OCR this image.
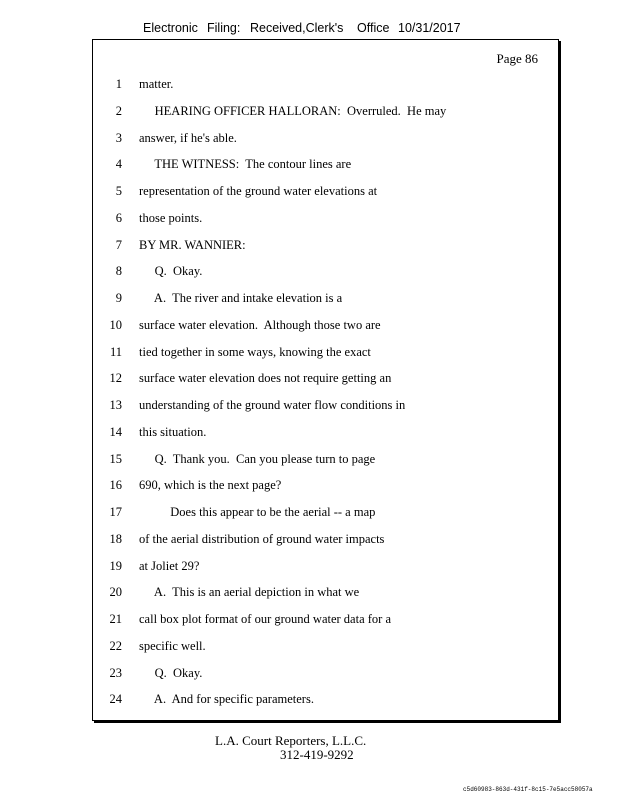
Electronic Filing: Received,Clerk's Office 10/31/2017
Page 86
1 matter.
2 HEARING OFFICER HALLORAN:  Overruled.  He may
3 answer, if he's able.
4 THE WITNESS:  The contour lines are
5 representation of the ground water elevations at
6 those points.
7 BY MR. WANNIER:
8 Q.  Okay.
9 A.  The river and intake elevation is a
10 surface water elevation.  Although those two are
11 tied together in some ways, knowing the exact
12 surface water elevation does not require getting an
13 understanding of the ground water flow conditions in
14 this situation.
15 Q.  Thank you.  Can you please turn to page
16 690, which is the next page?
17 Does this appear to be the aerial -- a map
18 of the aerial distribution of ground water impacts
19 at Joliet 29?
20 A.  This is an aerial depiction in what we
21 call box plot format of our ground water data for a
22 specific well.
23 Q.  Okay.
24 A.  And for specific parameters.
L.A. Court Reporters, L.L.C.
312-419-9292
c5d60983-863d-431f-8c15-7e5acc58057a
